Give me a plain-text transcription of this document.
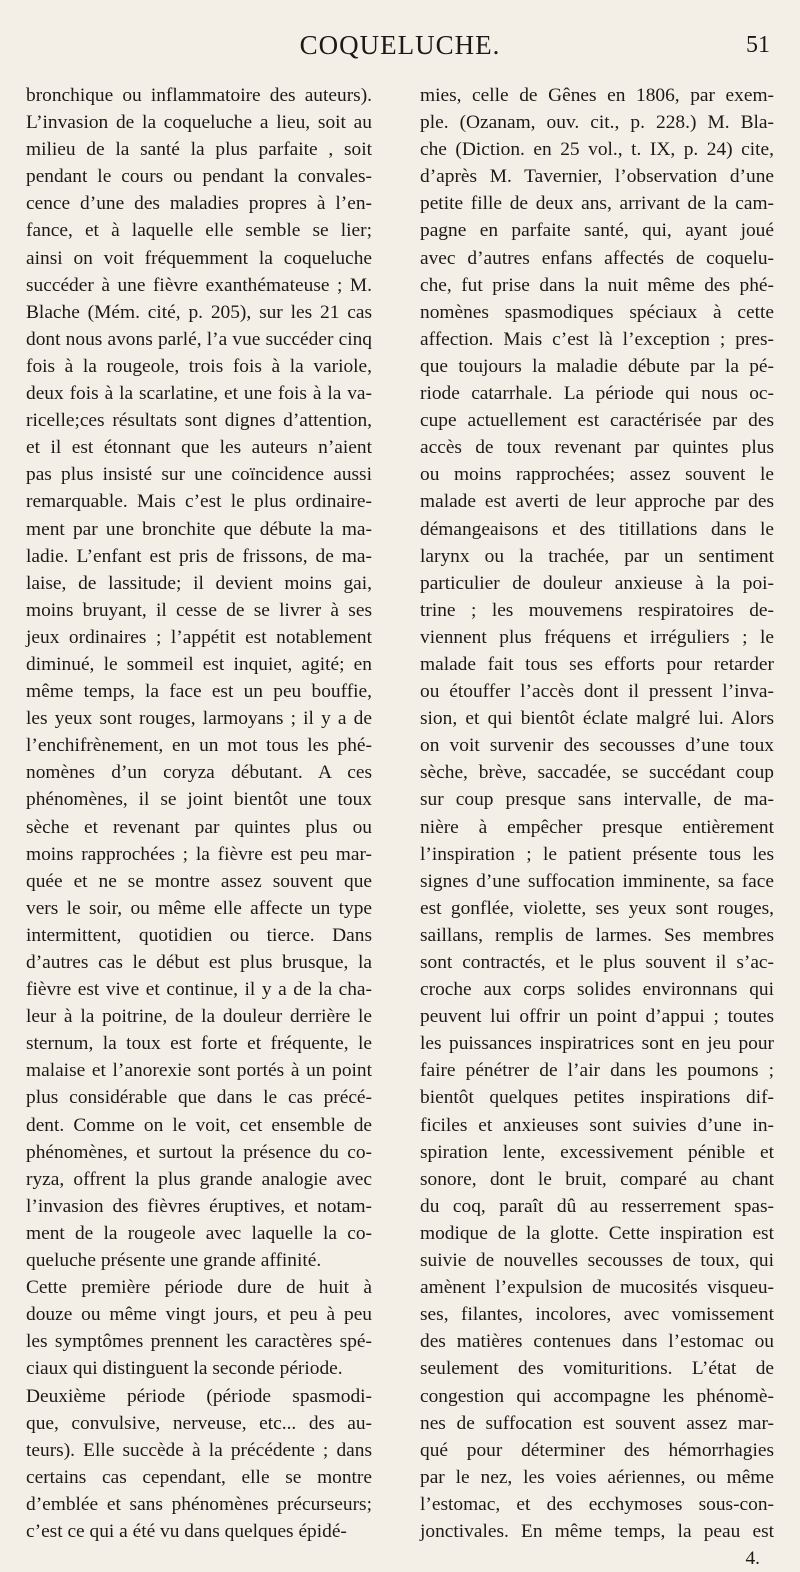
COQUELUCHE.	51
bronchique ou inflammatoire des auteurs).
L’invasion de la coqueluche a lieu, soit au
milieu de la santé la plus parfaite , soit
pendant le cours ou pendant la convales-
cence d’une des maladies propres à l’en-
fance, et à laquelle elle semble se lier;
ainsi on voit fréquemment la coqueluche
succéder à une fièvre exanthémateuse ; M.
Blache (Mém. cité, p. 205), sur les 21 cas
dont nous avons parlé, l’a vue succéder cinq
fois à la rougeole, trois fois à la variole,
deux fois à la scarlatine, et une fois à la va-
ricelle;ces résultats sont dignes d’attention,
et il est étonnant que les auteurs n’aient
pas plus insisté sur une coïncidence aussi
remarquable. Mais c’est le plus ordinaire-
ment par une bronchite que débute la ma-
ladie. L’enfant est pris de frissons, de ma-
laise, de lassitude; il devient moins gai,
moins bruyant, il cesse de se livrer à ses
jeux ordinaires ; l’appétit est notablement
diminué, le sommeil est inquiet, agité; en
même temps, la face est un peu bouffie,
les yeux sont rouges, larmoyans ; il y a de
l’enchifrènement, en un mot tous les phé-
nomènes d’un coryza débutant. A ces
phénomènes, il se joint bientôt une toux
sèche et revenant par quintes plus ou
moins rapprochées ; la fièvre est peu mar-
quée et ne se montre assez souvent que
vers le soir, ou même elle affecte un type
intermittent, quotidien ou tierce. Dans
d’autres cas le début est plus brusque, la
fièvre est vive et continue, il y a de la cha-
leur à la poitrine, de la douleur derrière le
sternum, la toux est forte et fréquente, le
malaise et l’anorexie sont portés à un point
plus considérable que dans le cas précé-
dent. Comme on le voit, cet ensemble de
phénomènes, et surtout la présence du co-
ryza, offrent la plus grande analogie avec
l’invasion des fièvres éruptives, et notam-
ment de la rougeole avec laquelle la co-
queluche présente une grande affinité.
Cette première période dure de huit à
douze ou même vingt jours, et peu à peu
les symptômes prennent les caractères spé-
ciaux qui distinguent la seconde période.
Deuxième période (période spasmodi-
que, convulsive, nerveuse, etc... des au-
teurs). Elle succède à la précédente ; dans
certains cas cependant, elle se montre
d’emblée et sans phénomènes précurseurs;
c’est ce qui a été vu dans quelques épidé-
mies, celle de Gênes en 1806, par exem-
ple. (Ozanam, ouv. cit., p. 228.) M. Bla-
che (Diction. en 25 vol., t. IX, p. 24) cite,
d’après M. Tavernier, l’observation d’une
petite fille de deux ans, arrivant de la cam-
pagne en parfaite santé, qui, ayant joué
avec d’autres enfans affectés de coquelu-
che, fut prise dans la nuit même des phé-
nomènes spasmodiques spéciaux à cette
affection. Mais c’est là l’exception ; pres-
que toujours la maladie débute par la pé-
riode catarrhale. La période qui nous oc-
cupe actuellement est caractérisée par des
accès de toux revenant par quintes plus
ou moins rapprochées; assez souvent le
malade est averti de leur approche par des
démangeaisons et des titillations dans le
larynx ou la trachée, par un sentiment
particulier de douleur anxieuse à la poi-
trine ; les mouvemens respiratoires de-
viennent plus fréquens et irréguliers ; le
malade fait tous ses efforts pour retarder
ou étouffer l’accès dont il pressent l’inva-
sion, et qui bientôt éclate malgré lui. Alors
on voit survenir des secousses d’une toux
sèche, brève, saccadée, se succédant coup
sur coup presque sans intervalle, de ma-
nière à empêcher presque entièrement
l’inspiration ; le patient présente tous les
signes d’une suffocation imminente, sa face
est gonflée, violette, ses yeux sont rouges,
saillans, remplis de larmes. Ses membres
sont contractés, et le plus souvent il s’ac-
croche aux corps solides environnans qui
peuvent lui offrir un point d’appui ; toutes
les puissances inspiratrices sont en jeu pour
faire pénétrer de l’air dans les poumons ;
bientôt quelques petites inspirations dif-
ficiles et anxieuses sont suivies d’une in-
spiration lente, excessivement pénible et
sonore, dont le bruit, comparé au chant
du coq, paraît dû au resserrement spas-
modique de la glotte. Cette inspiration est
suivie de nouvelles secousses de toux, qui
amènent l’expulsion de mucosités visqueu-
ses, filantes, incolores, avec vomissement
des matières contenues dans l’estomac ou
seulement des vomituritions. L’état de
congestion qui accompagne les phénomè-
nes de suffocation est souvent assez mar-
qué pour déterminer des hémorrhagies
par le nez, les voies aériennes, ou même
l’estomac, et des ecchymoses sous-con-
jonctivales. En même temps, la peau est
4.
